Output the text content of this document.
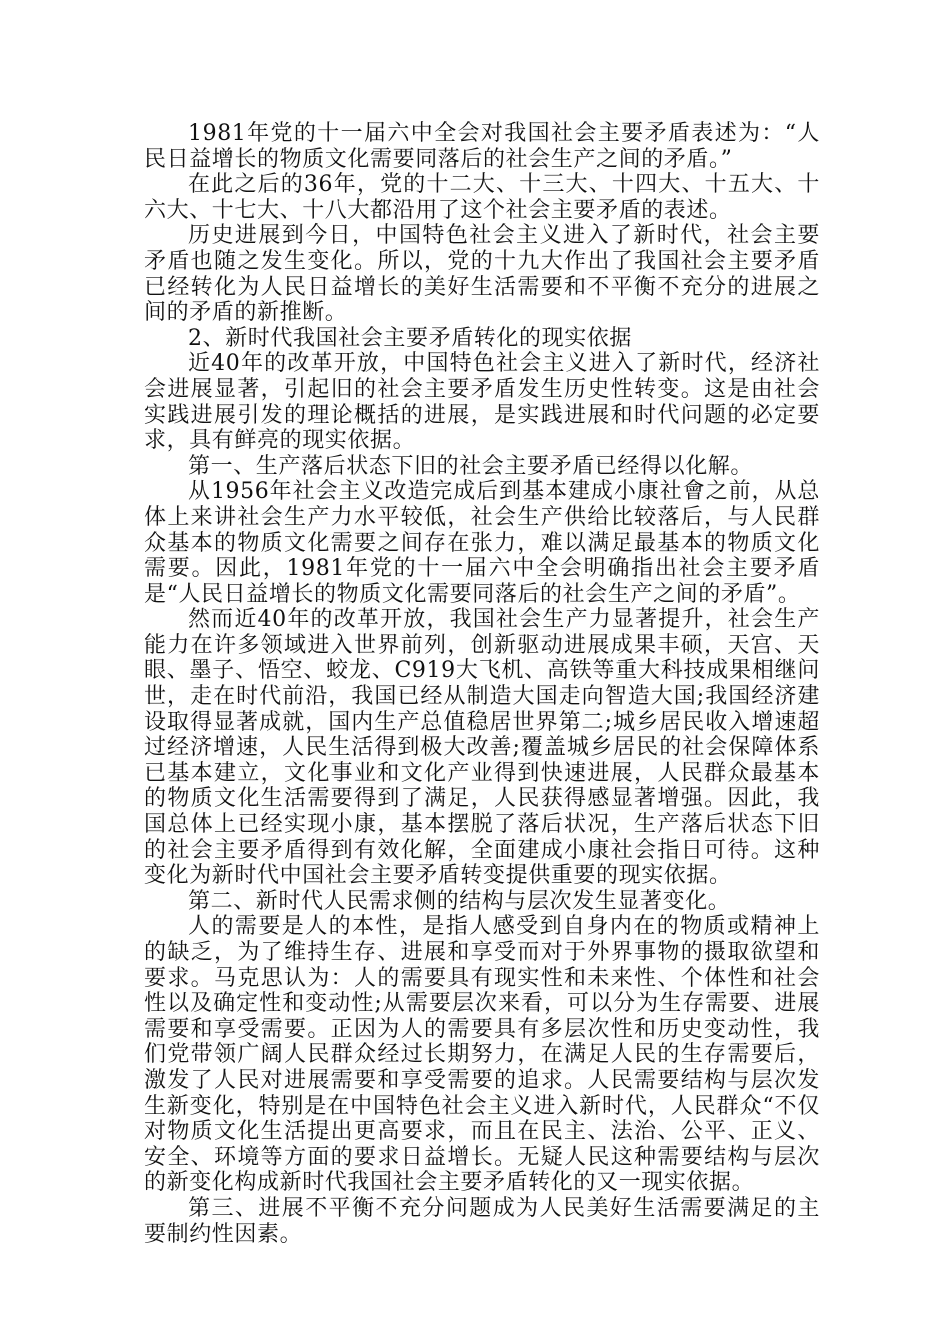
1981年党的十一届六中全会对我国社会主要矛盾表述为：“人民日益增长的物质文化需要同落后的社会生产之间的矛盾。”

在此之后的36年，党的十二大、十三大、十四大、十五大、十六大、十七大、十八大都沿用了这个社会主要矛盾的表述。

历史进展到今日，中国特色社会主义进入了新时代，社会主要矛盾也随之发生变化。所以，党的十九大作出了我国社会主要矛盾已经转化为人民日益增长的美好生活需要和不平衡不充分的进展之间的矛盾的新推断。

2、新时代我国社会主要矛盾转化的现实依据

近40年的改革开放，中国特色社会主义进入了新时代，经济社会进展显著，引起旧的社会主要矛盾发生历史性转变。这是由社会实践进展引发的理论概括的进展，是实践进展和时代问题的必定要求，具有鲜亮的现实依据。

第一、生产落后状态下旧的社会主要矛盾已经得以化解。

从1956年社会主义改造完成后到基本建成小康社會之前，从总体上来讲社会生产力水平较低，社会生产供给比较落后，与人民群众基本的物质文化需要之间存在张力，难以满足最基本的物质文化需要。因此，1981年党的十一届六中全会明确指出社会主要矛盾是“人民日益增长的物质文化需要同落后的社会生产之间的矛盾”。

然而近40年的改革开放，我国社会生产力显著提升，社会生产能力在许多领域进入世界前列，创新驱动进展成果丰硕，天宫、天眼、墨子、悟空、蛟龙、C919大飞机、高铁等重大科技成果相继问世，走在时代前沿，我国已经从制造大国走向智造大国;我国经济建设取得显著成就，国内生产总值稳居世界第二;城乡居民收入增速超过经济增速，人民生活得到极大改善;覆盖城乡居民的社会保障体系已基本建立，文化事业和文化产业得到快速进展，人民群众最基本的物质文化生活需要得到了满足，人民获得感显著增强。因此，我国总体上已经实现小康，基本摆脱了落后状况，生产落后状态下旧的社会主要矛盾得到有效化解，全面建成小康社会指日可待。这种变化为新时代中国社会主要矛盾转变提供重要的现实依据。

第二、新时代人民需求侧的结构与层次发生显著变化。

人的需要是人的本性，是指人感受到自身内在的物质或精神上的缺乏，为了维持生存、进展和享受而对于外界事物的摄取欲望和要求。马克思认为：人的需要具有现实性和未来性、个体性和社会性以及确定性和变动性;从需要层次来看，可以分为生存需要、进展需要和享受需要。正因为人的需要具有多层次性和历史变动性，我们党带领广阔人民群众经过长期努力，在满足人民的生存需要后，激发了人民对进展需要和享受需要的追求。人民需要结构与层次发生新变化，特别是在中国特色社会主义进入新时代，人民群众“不仅对物质文化生活提出更高要求，而且在民主、法治、公平、正义、安全、环境等方面的要求日益增长。无疑人民这种需要结构与层次的新变化构成新时代我国社会主要矛盾转化的又一现实依据。

第三、进展不平衡不充分问题成为人民美好生活需要满足的主要制约性因素。
